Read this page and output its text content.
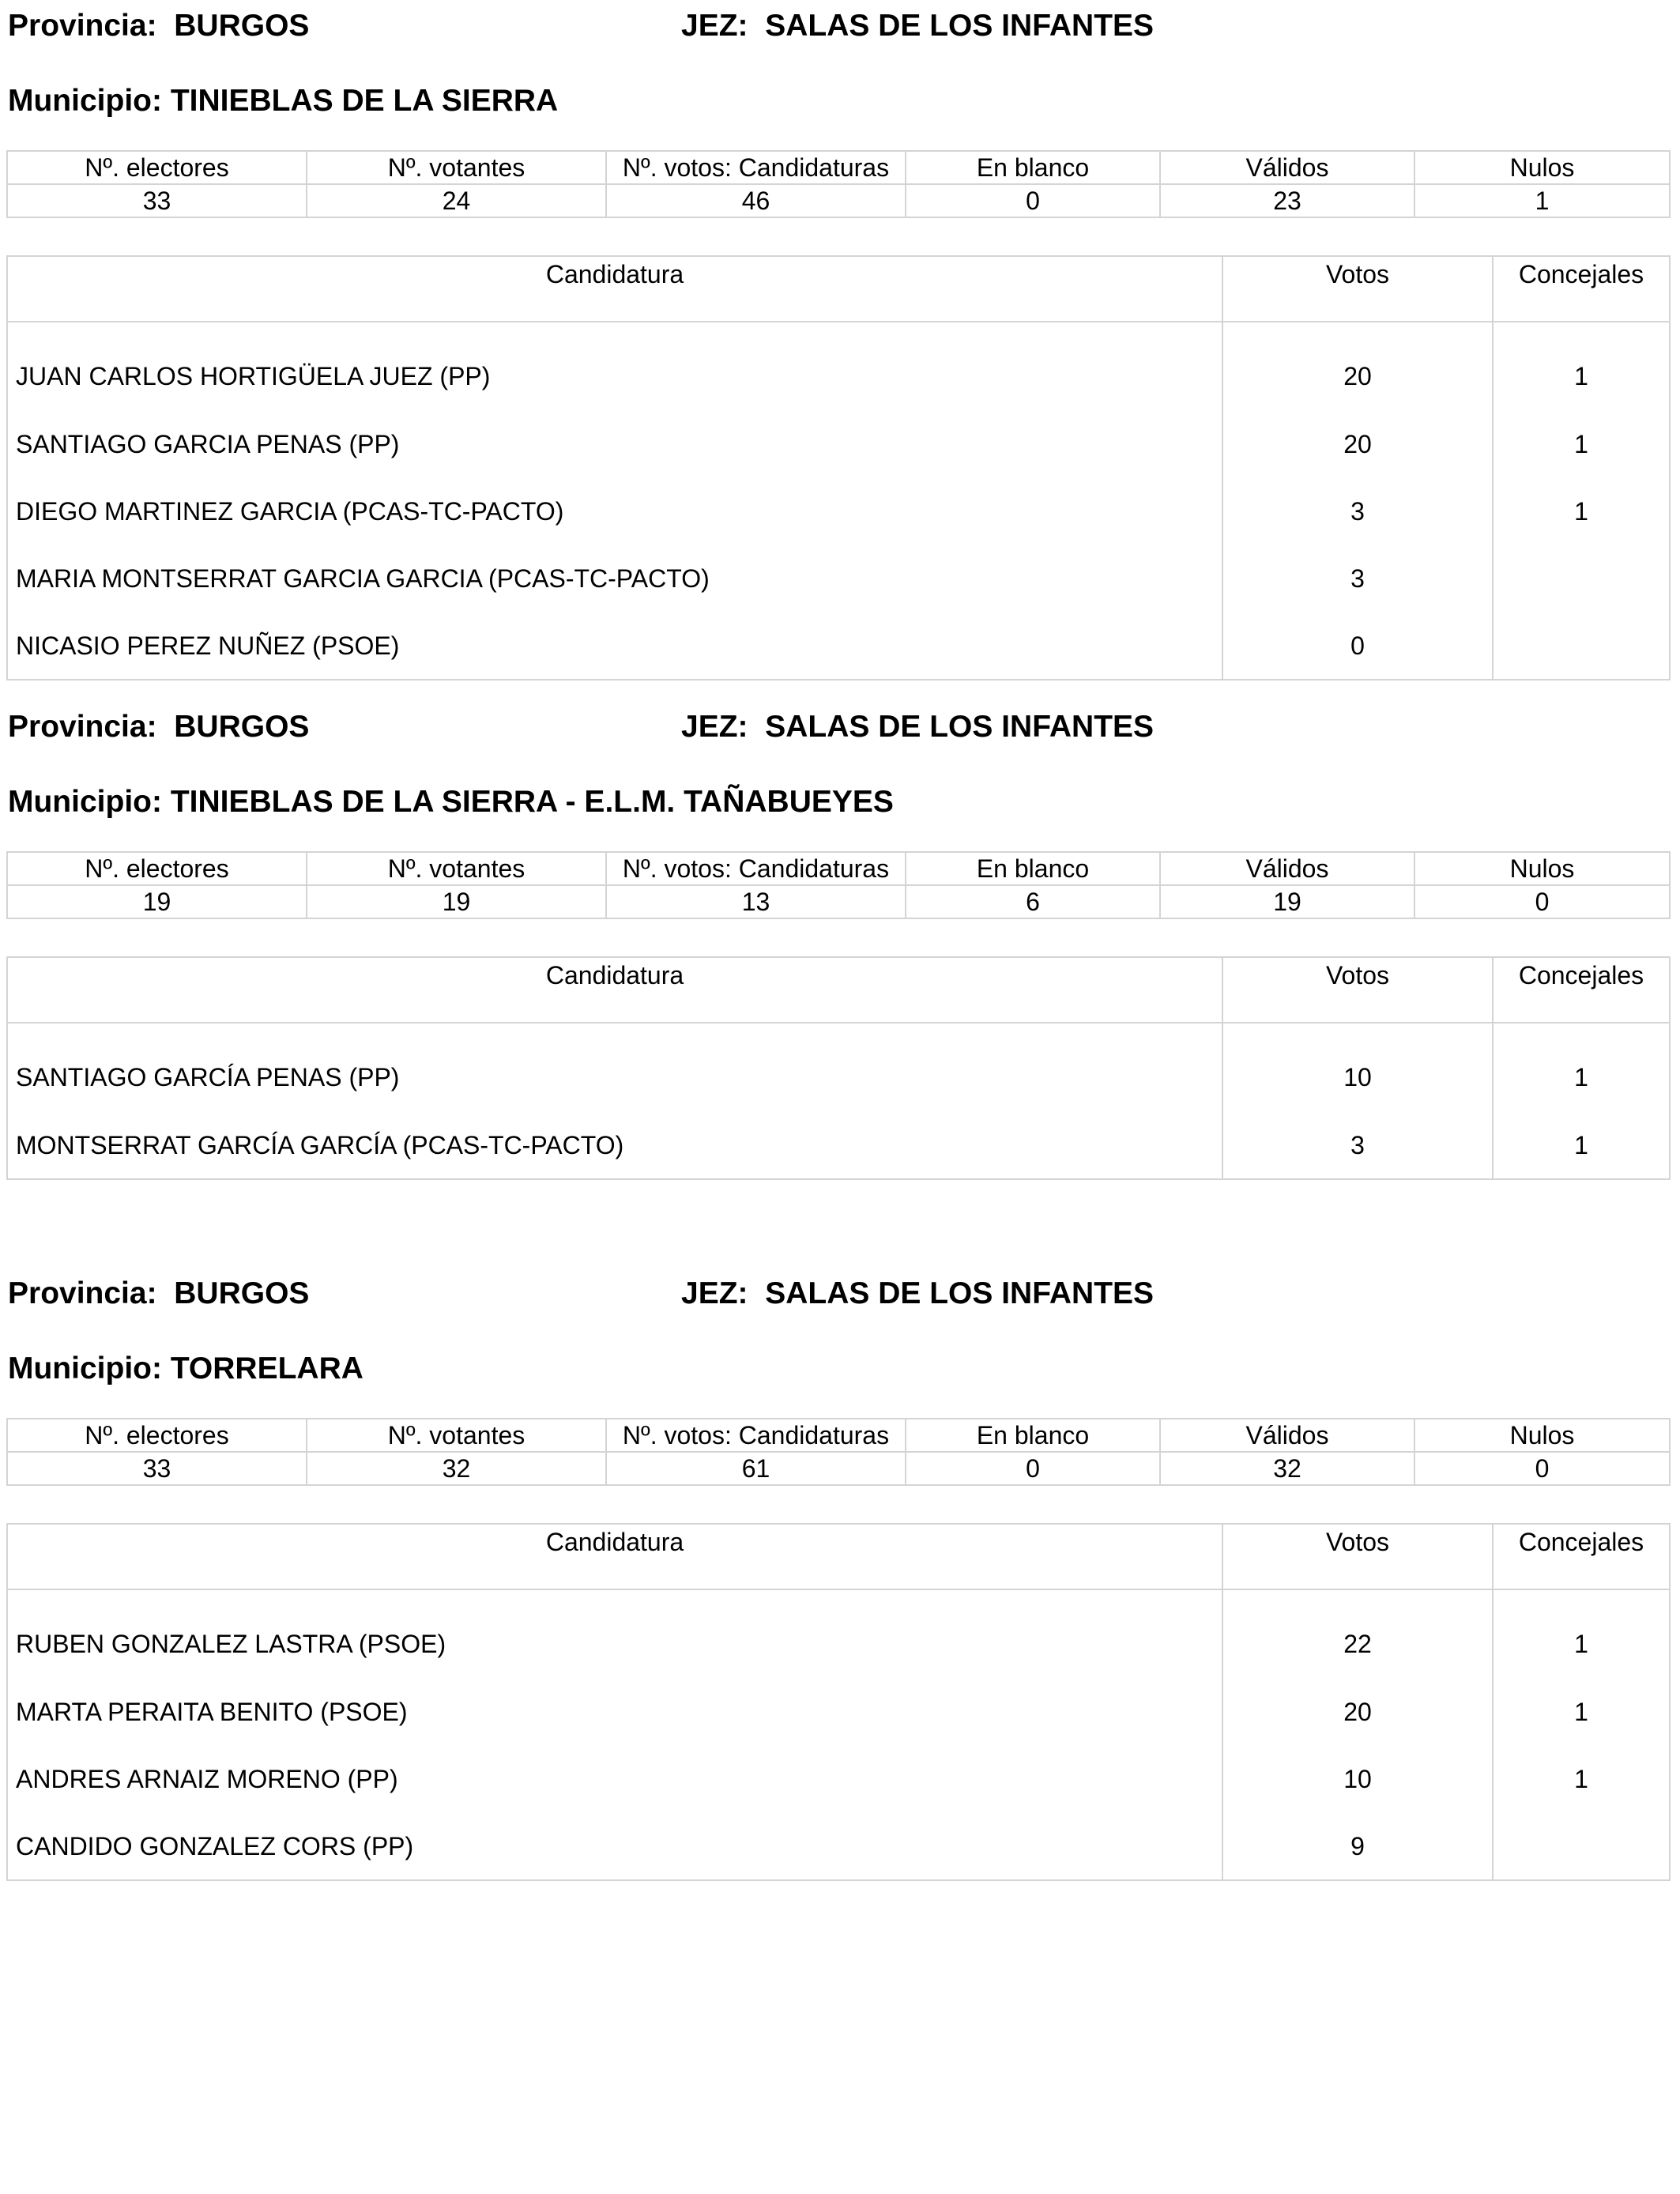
Provincia: BURGOS	JEZ: SALAS DE LOS INFANTES
Municipio: TINIEBLAS DE LA SIERRA
Nº. electores	Nº. votantes	Nº. votos: Candidaturas	En blanco	Válidos	Nulos
33	24	46	0	23	1
Candidatura	Votos	Concejales
JUAN CARLOS HORTIGÜELA JUEZ (PP)	20	1
SANTIAGO GARCIA PENAS (PP)	20	1
DIEGO MARTINEZ GARCIA (PCAS-TC-PACTO)	3	1
MARIA MONTSERRAT GARCIA GARCIA (PCAS-TC-PACTO)	3	
NICASIO PEREZ NUÑEZ (PSOE)	0	
Provincia: BURGOS	JEZ: SALAS DE LOS INFANTES
Municipio: TINIEBLAS DE LA SIERRA - E.L.M. TAÑABUEYES
Nº. electores	Nº. votantes	Nº. votos: Candidaturas	En blanco	Válidos	Nulos
19	19	13	6	19	0
Candidatura	Votos	Concejales
SANTIAGO GARCÍA PENAS (PP)	10	1
MONTSERRAT GARCÍA GARCÍA (PCAS-TC-PACTO)	3	1
Provincia: BURGOS	JEZ: SALAS DE LOS INFANTES
Municipio: TORRELARA
Nº. electores	Nº. votantes	Nº. votos: Candidaturas	En blanco	Válidos	Nulos
33	32	61	0	32	0
Candidatura	Votos	Concejales
RUBEN GONZALEZ LASTRA (PSOE)	22	1
MARTA PERAITA BENITO (PSOE)	20	1
ANDRES ARNAIZ MORENO (PP)	10	1
CANDIDO GONZALEZ CORS (PP)	9	
